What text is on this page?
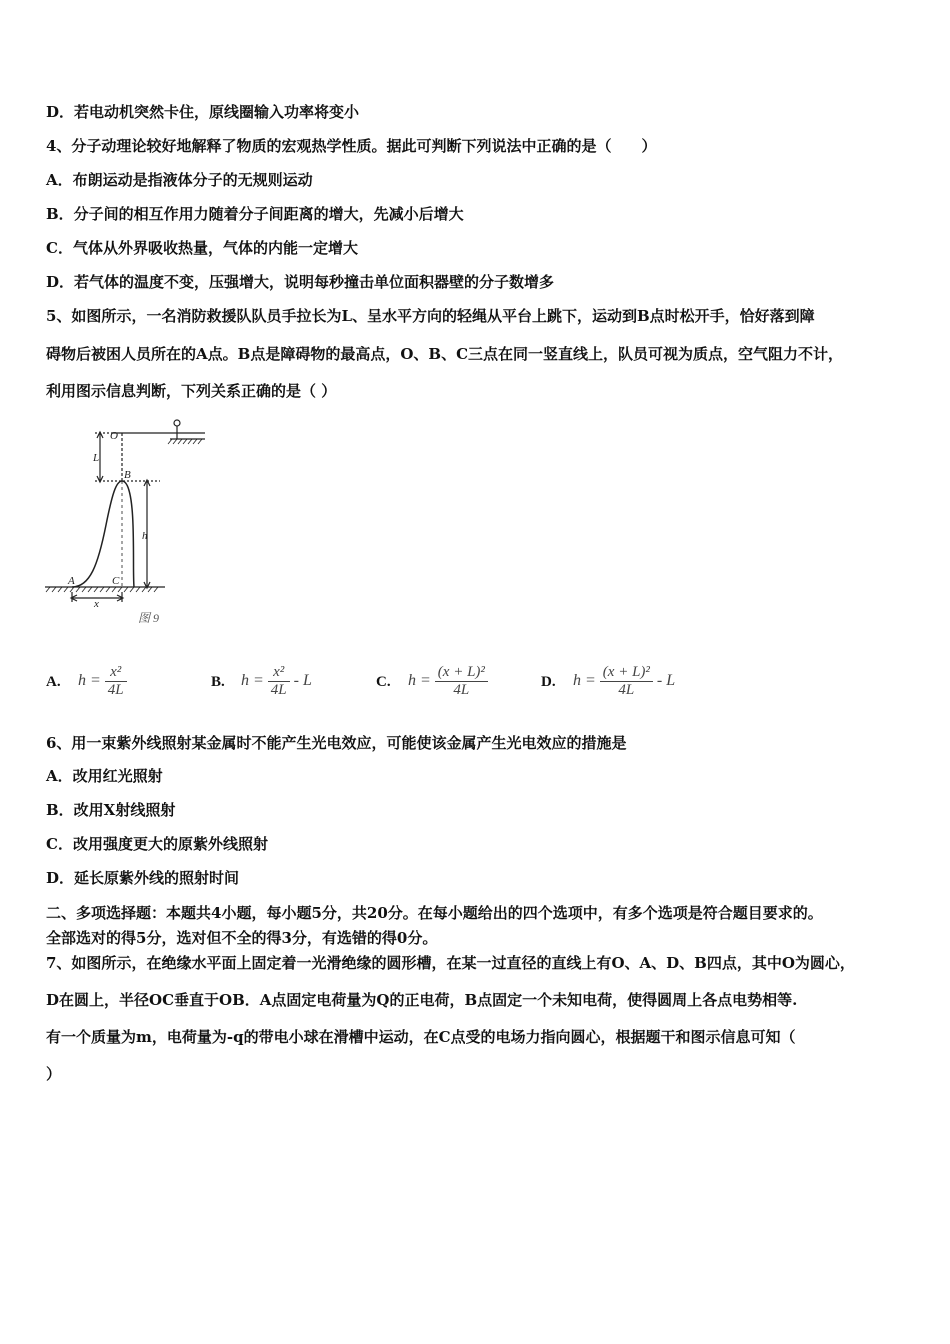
D．若电动机突然卡住，原线圈输入功率将变小
4、分子动理论较好地解释了物质的宏观热学性质。据此可判断下列说法中正确的是（　　）
A．布朗运动是指液体分子的无规则运动
B．分子间的相互作用力随着分子间距离的增大，先减小后增大
C．气体从外界吸收热量，气体的内能一定增大
D．若气体的温度不变，压强增大，说明每秒撞击单位面积器壁的分子数增多
5、如图所示，一名消防救援队队员手拉长为L、呈水平方向的轻绳从平台上跳下，运动到B点时松开手，恰好落到障
碍物后被困人员所在的A点。B点是障碍物的最高点，O、B、C三点在同一竖直线上，队员可视为质点，空气阻力不计，
利用图示信息判断，下列关系正确的是（ ）
O
L
B
h
A	C
x
图 9
A. $h = \frac{\text{x²}}{4L}$	B. $h = \frac{\text{x²}}{4L} - L$	C. $h = \frac{\text{(x + L)²}}{4L}$	D. $h = \frac{\text{(x + L)²}}{4L} - L$
6、用一束紫外线照射某金属时不能产生光电效应，可能使该金属产生光电效应的措施是
A．改用红光照射
B．改用X射线照射
C．改用强度更大的原紫外线照射
D．延长原紫外线的照射时间
二、多项选择题：本题共4小题，每小题5分，共20分。在每小题给出的四个选项中，有多个选项是符合题目要求的。
全部选对的得5分，选对但不全的得3分，有选错的得0分。
7、如图所示，在绝缘水平面上固定着一光滑绝缘的圆形槽，在某一过直径的直线上有O、A、D、B四点，其中O为圆心，
D在圆上，半径OC垂直于OB．A点固定电荷量为Q的正电荷，B点固定一个未知电荷，使得圆周上各点电势相等.
有一个质量为m，电荷量为-q的带电小球在滑槽中运动，在C点受的电场力指向圆心，根据题干和图示信息可知（
）
